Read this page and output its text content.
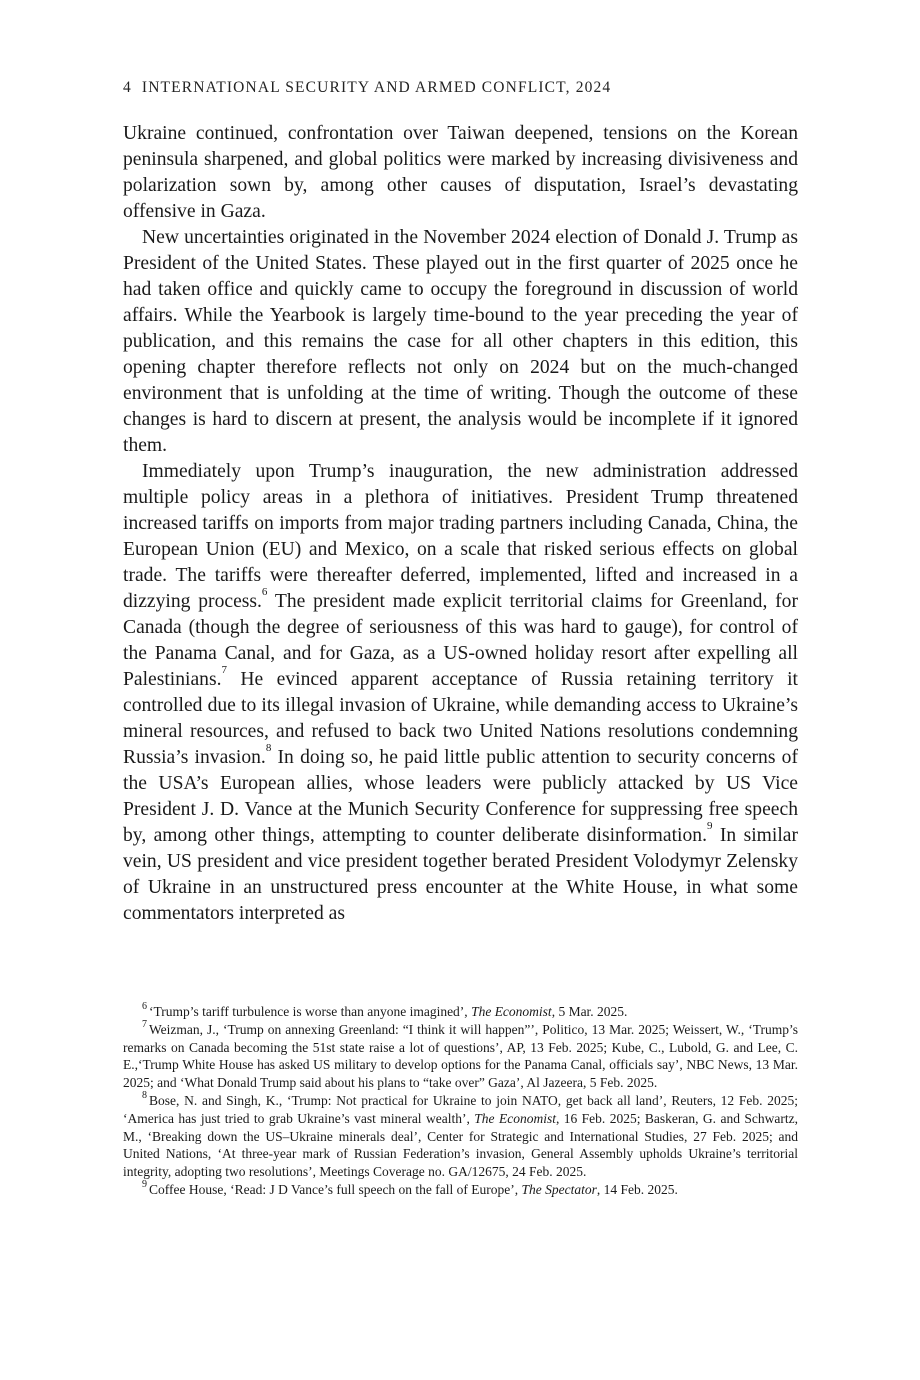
4 INTERNATIONAL SECURITY AND ARMED CONFLICT, 2024

Ukraine continued, confrontation over Taiwan deepened, tensions on the Korean peninsula sharpened, and global politics were marked by increasing divisiveness and polarization sown by, among other causes of disputation, Israel’s devastating offensive in Gaza.

New uncertainties originated in the November 2024 election of Donald J. Trump as President of the United States. These played out in the first quarter of 2025 once he had taken office and quickly came to occupy the foreground in discussion of world affairs. While the Yearbook is largely time-bound to the year preceding the year of publication, and this remains the case for all other chapters in this edition, this opening chapter therefore reflects not only on 2024 but on the much-changed environment that is unfolding at the time of writing. Though the outcome of these changes is hard to discern at present, the analysis would be incomplete if it ignored them.

Immediately upon Trump’s inauguration, the new administration addressed multiple policy areas in a plethora of initiatives. President Trump threatened increased tariffs on imports from major trading partners including Canada, China, the European Union (EU) and Mexico, on a scale that risked serious effects on global trade. The tariffs were thereafter deferred, implemented, lifted and increased in a dizzying process.$^6$ The president made explicit territorial claims for Greenland, for Canada (though the degree of seriousness of this was hard to gauge), for control of the Panama Canal, and for Gaza, as a US-owned holiday resort after expelling all Palestinians.$^7$ He evinced apparent acceptance of Russia retaining territory it controlled due to its illegal invasion of Ukraine, while demanding access to Ukraine’s mineral resources, and refused to back two United Nations resolutions condemning Russia’s invasion.$^8$ In doing so, he paid little public attention to security concerns of the USA’s European allies, whose leaders were publicly attacked by US Vice President J. D. Vance at the Munich Security Conference for suppressing free speech by, among other things, attempting to counter deliberate disinformation.$^9$ In similar vein, US president and vice president together berated President Volodymyr Zelensky of Ukraine in an unstructured press encounter at the White House, in what some commentators interpreted as

$^6$ ‘Trump’s tariff turbulence is worse than anyone imagined’, The Economist, 5 Mar. 2025.

$^7$ Weizman, J., ‘Trump on annexing Greenland: “I think it will happen”’, Politico, 13 Mar. 2025; Weissert, W., ‘Trump’s remarks on Canada becoming the 51st state raise a lot of questions’, AP, 13 Feb. 2025; Kube, C., Lubold, G. and Lee, C. E.,‘Trump White House has asked US military to develop options for the Panama Canal, officials say’, NBC News, 13 Mar. 2025; and ‘What Donald Trump said about his plans to “take over” Gaza’, Al Jazeera, 5 Feb. 2025.

$^8$ Bose, N. and Singh, K., ‘Trump: Not practical for Ukraine to join NATO, get back all land’, Reuters, 12 Feb. 2025; ‘America has just tried to grab Ukraine’s vast mineral wealth’, The Economist, 16 Feb. 2025; Baskeran, G. and Schwartz, M., ‘Breaking down the US–Ukraine minerals deal’, Center for Strategic and International Studies, 27 Feb. 2025; and United Nations, ‘At three-year mark of Russian Federation’s invasion, General Assembly upholds Ukraine’s territorial integrity, adopting two resolutions’, Meetings Coverage no. GA/12675, 24 Feb. 2025.

$^9$ Coffee House, ‘Read: J D Vance’s full speech on the fall of Europe’, The Spectator, 14 Feb. 2025.
